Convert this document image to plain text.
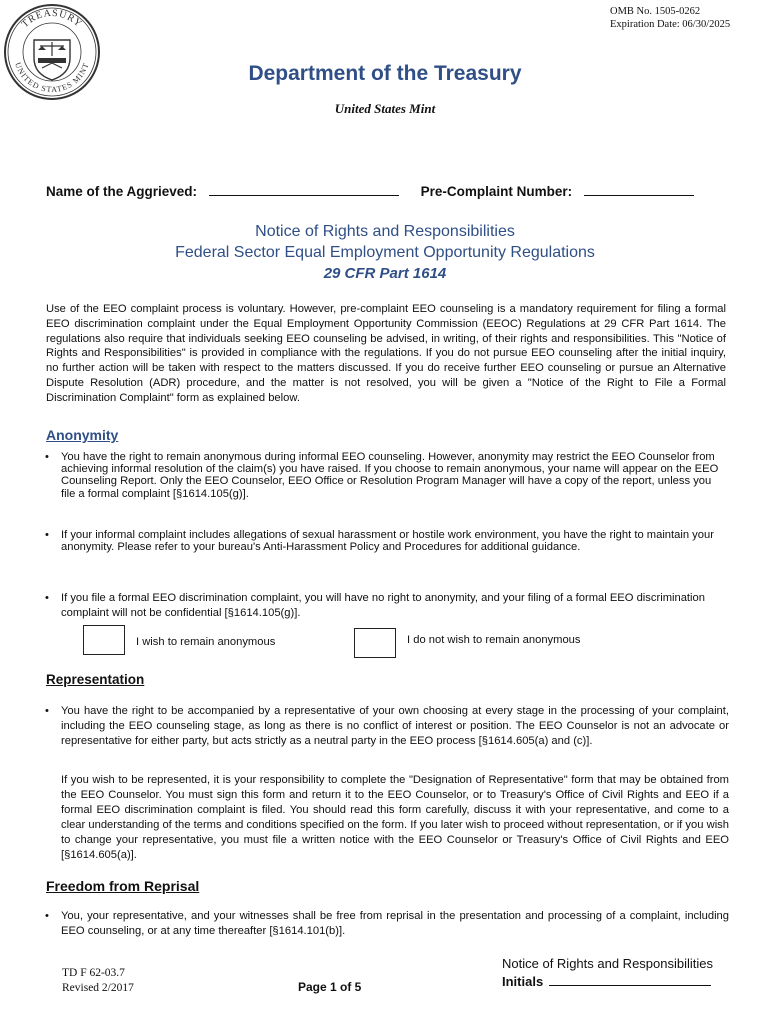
TREASURY
UNITED STATES MINT
OMB No. 1505-0262
Expiration Date: 06/30/2025
Department of the Treasury
United States Mint
Name of the Aggrieved:	Pre-Complaint Number:
Notice of Rights and Responsibilities
Federal Sector Equal Employment Opportunity Regulations
29 CFR Part 1614
Use of the EEO complaint process is voluntary. However, pre-complaint EEO counseling is a mandatory requirement for filing a formal EEO discrimination complaint under the Equal Employment Opportunity Commission (EEOC) Regulations at 29 CFR Part 1614. The regulations also require that individuals seeking EEO counseling be advised, in writing, of their rights and responsibilities. This "Notice of Rights and Responsibilities" is provided in compliance with the regulations. If you do not pursue EEO counseling after the initial inquiry, no further action will be taken with respect to the matters discussed. If you do receive further EEO counseling or pursue an Alternative Dispute Resolution (ADR) procedure, and the matter is not resolved, you will be given a "Notice of the Right to File a Formal Discrimination Complaint" form as explained below.
Anonymity
• You have the right to remain anonymous during informal EEO counseling. However, anonymity may restrict the EEO Counselor from achieving informal resolution of the claim(s) you have raised. If you choose to remain anonymous, your name will appear on the EEO Counseling Report. Only the EEO Counselor, EEO Office or Resolution Program Manager will have a copy of the report, unless you file a formal complaint [§1614.105(g)].
• If your informal complaint includes allegations of sexual harassment or hostile work environment, you have the right to maintain your anonymity. Please refer to your bureau's Anti-Harassment Policy and Procedures for additional guidance.
• If you file a formal EEO discrimination complaint, you will have no right to anonymity, and your filing of a formal EEO discrimination complaint will not be confidential [§1614.105(g)].
I wish to remain anonymous	I do not wish to remain anonymous
Representation
• You have the right to be accompanied by a representative of your own choosing at every stage in the processing of your complaint, including the EEO counseling stage, as long as there is no conflict of interest or position. The EEO Counselor is not an advocate or representative for either party, but acts strictly as a neutral party in the EEO process [§1614.605(a) and (c)].
If you wish to be represented, it is your responsibility to complete the "Designation of Representative" form that may be obtained from the EEO Counselor. You must sign this form and return it to the EEO Counselor, or to Treasury's Office of Civil Rights and EEO if a formal EEO discrimination complaint is filed. You should read this form carefully, discuss it with your representative, and come to a clear understanding of the terms and conditions specified on the form. If you later wish to proceed without representation, or if you wish to change your representative, you must file a written notice with the EEO Counselor or Treasury's Office of Civil Rights and EEO [§1614.605(a)].
Freedom from Reprisal
• You, your representative, and your witnesses shall be free from reprisal in the presentation and processing of a complaint, including EEO counseling, or at any time thereafter [§1614.101(b)].
TD F 62-03.7
Revised 2/2017	Page 1 of 5
Notice of Rights and Responsibilities
Initials
